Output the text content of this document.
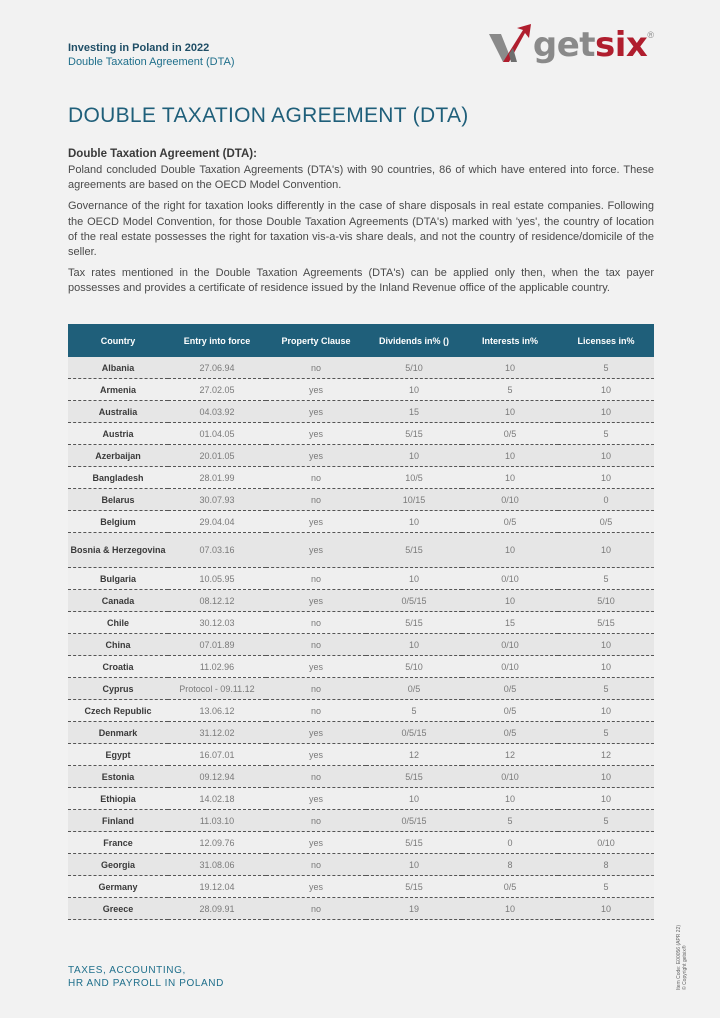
Investing in Poland in 2022
Double Taxation Agreement (DTA)	getsix ®
DOUBLE TAXATION AGREEMENT (DTA)
Double Taxation Agreement (DTA):

Poland concluded Double Taxation Agreements (DTA's) with 90 countries, 86 of which have entered into force. These agreements are based on the OECD Model Convention.

Governance of the right for taxation looks differently in the case of share disposals in real estate companies. Following the OECD Model Convention, for those Double Taxation Agreements (DTA's) marked with 'yes', the country of location of the real estate possesses the right for taxation vis-a-vis share deals, and not the country of residence/domicile of the seller.

Tax rates mentioned in the Double Taxation Agreements (DTA's) can be applied only then, when the tax payer possesses and provides a certificate of residence issued by the Inland Revenue office of the applicable country.

Country	Entry into force	Property Clause	Dividends in% ()	Interests in%	Licenses in%
Albania	27.06.94	no	5/10	10	5
Armenia	27.02.05	yes	10	5	10
Australia	04.03.92	yes	15	10	10
Austria	01.04.05	yes	5/15	0/5	5
Azerbaijan	20.01.05	yes	10	10	10
Bangladesh	28.01.99	no	10/5	10	10
Belarus	30.07.93	no	10/15	0/10	0
Belgium	29.04.04	yes	10	0/5	0/5
Bosnia & Herzegovina	07.03.16	yes	5/15	10	10
Bulgaria	10.05.95	no	10	0/10	5
Canada	08.12.12	yes	0/5/15	10	5/10
Chile	30.12.03	no	5/15	15	5/15
China	07.01.89	no	10	0/10	10
Croatia	11.02.96	yes	5/10	0/10	10
Cyprus	Protocol - 09.11.12	no	0/5	0/5	5
Czech Republic	13.06.12	no	5	0/5	10
Denmark	31.12.02	yes	0/5/15	0/5	5
Egypt	16.07.01	yes	12	12	12
Estonia	09.12.94	no	5/15	0/10	10
Ethiopia	14.02.18	yes	10	10	10
Finland	11.03.10	no	0/5/15	5	5
France	12.09.76	yes	5/15	0	0/10
Georgia	31.08.06	no	10	8	8
Germany	19.12.04	yes	5/15	0/5	5
Greece	28.09.91	no	19	10	10
TAXES, ACCOUNTING,
HR AND PAYROLL IN POLAND	Item Code: E00056 (APR 22) © Copyright getsix®
